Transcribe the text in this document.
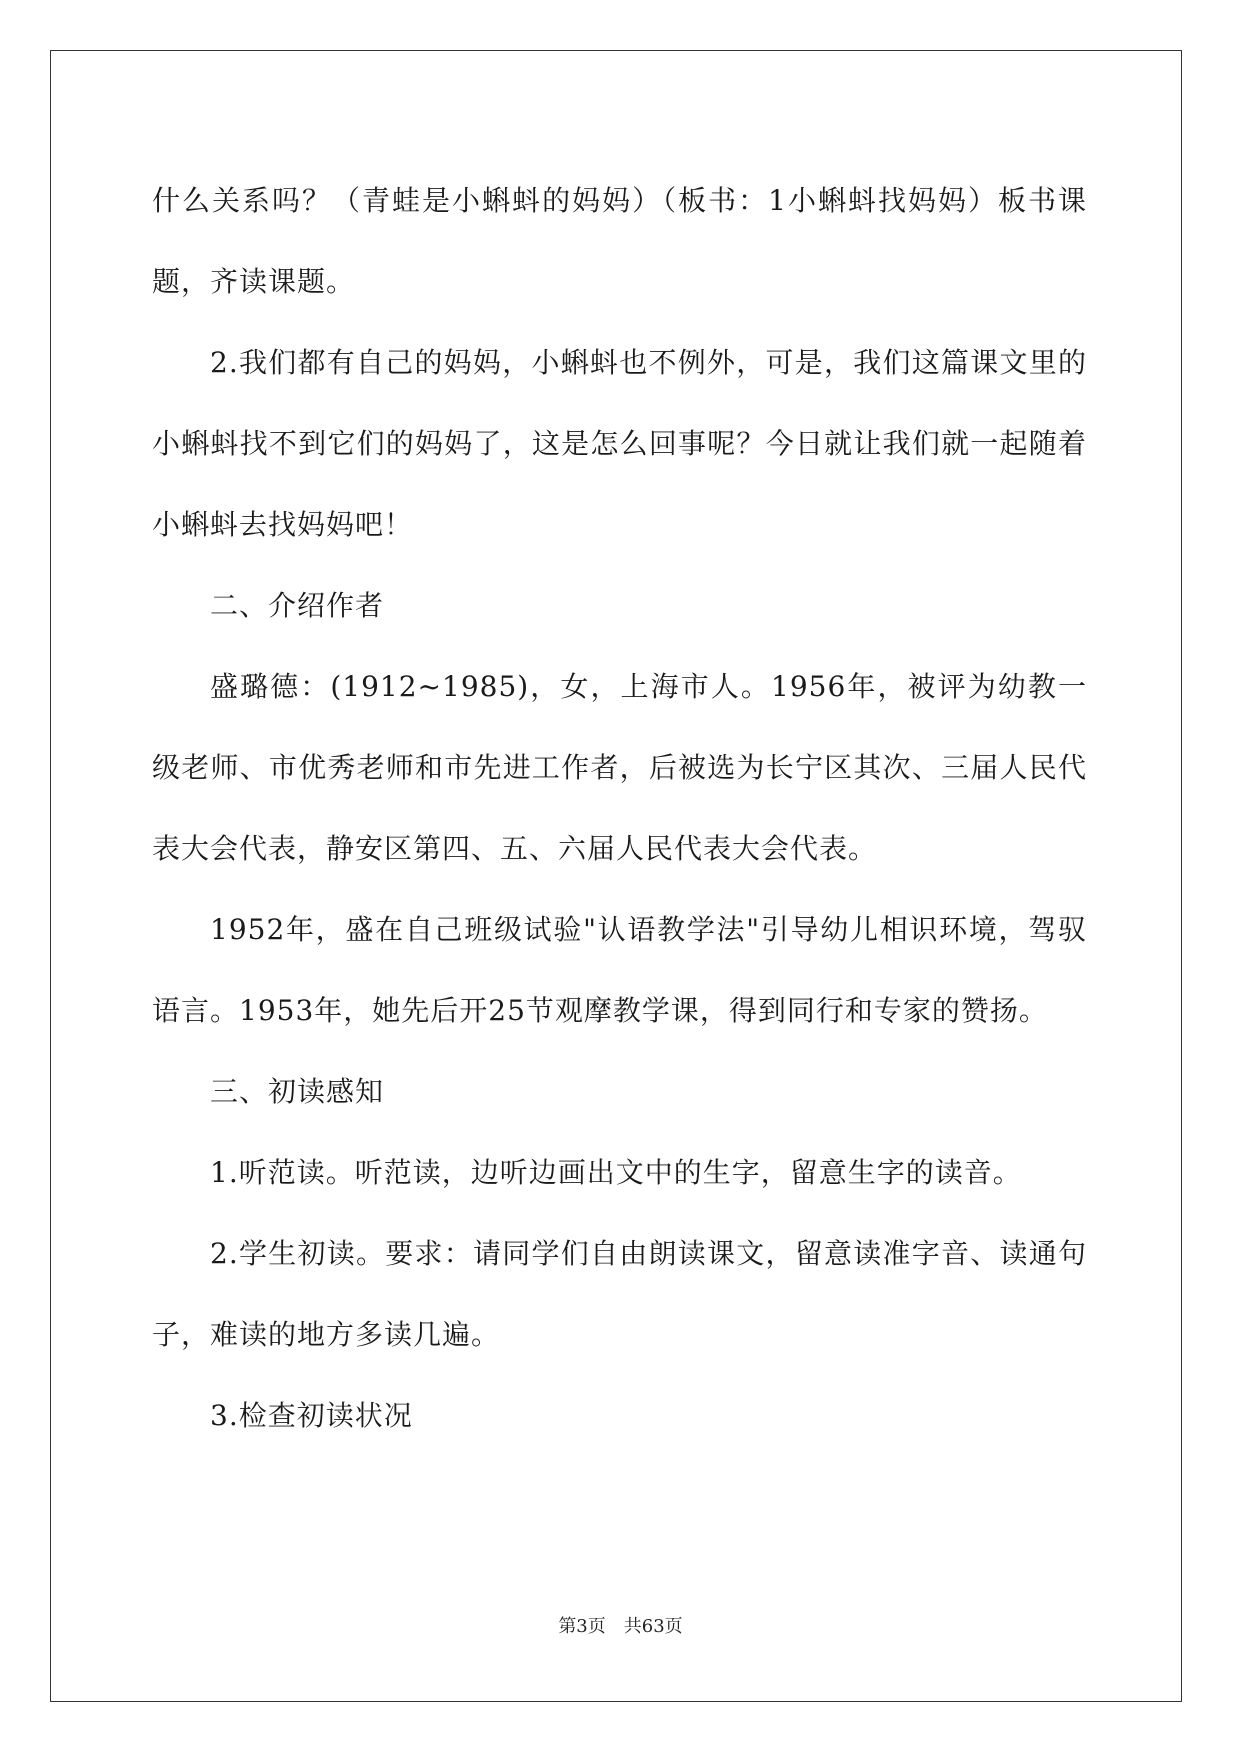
什么关系吗？（青蛙是小蝌蚪的妈妈）（板书：1小蝌蚪找妈妈）板书课题，齐读课题。

2.我们都有自己的妈妈，小蝌蚪也不例外，可是，我们这篇课文里的小蝌蚪找不到它们的妈妈了，这是怎么回事呢？今日就让我们就一起随着小蝌蚪去找妈妈吧！

二、介绍作者

盛璐德：(1912~1985)，女，上海市人。1956年，被评为幼教一级老师、市优秀老师和市先进工作者，后被选为长宁区其次、三届人民代表大会代表，静安区第四、五、六届人民代表大会代表。

1952年，盛在自己班级试验"认语教学法"引导幼儿相识环境，驾驭语言。1953年，她先后开25节观摩教学课，得到同行和专家的赞扬。

三、初读感知

1.听范读。听范读，边听边画出文中的生字，留意生字的读音。

2.学生初读。要求：请同学们自由朗读课文，留意读准字音、读通句子，难读的地方多读几遍。

3.检查初读状况

第3页 共63页
